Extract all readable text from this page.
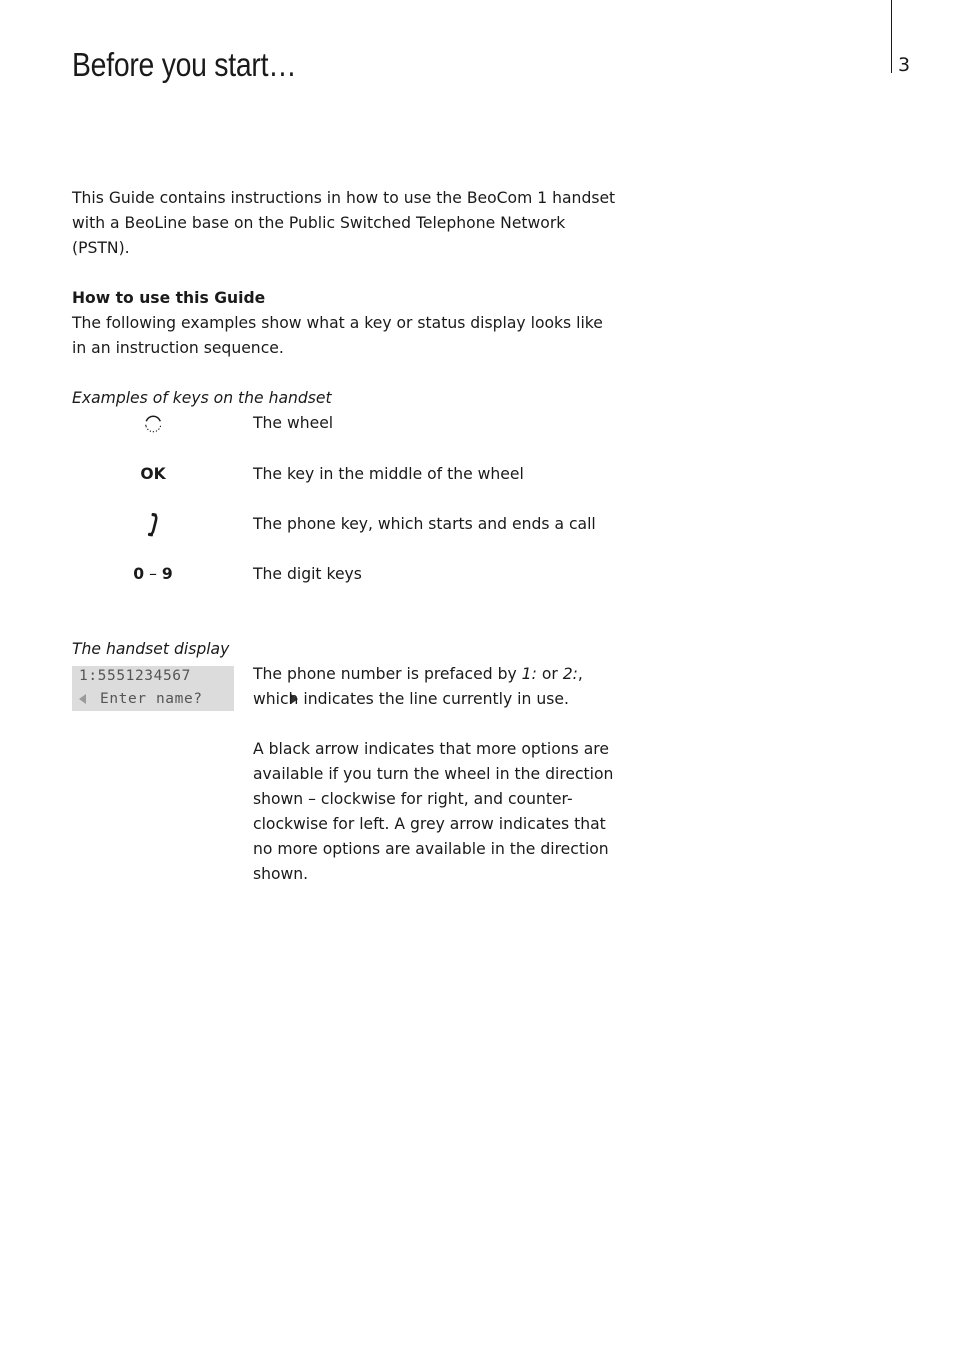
3
Before you start…

This Guide contains instructions in how to use the BeoCom 1 handset with a BeoLine base on the Public Switched Telephone Network (PSTN).

How to use this Guide

The following examples show what a key or status display looks like in an instruction sequence.

Examples of keys on the handset
The wheel
OK	The key in the middle of the wheel
The phone key, which starts and ends a call
0 – 9	The digit keys
The handset display
1:5551234567
Enter name?

The phone number is prefaced by 1: or 2:, which indicates the line currently in use.

A black arrow indicates that more options are available if you turn the wheel in the direction shown – clockwise for right, and counter-clockwise for left. A grey arrow indicates that no more options are available in the direction shown.
